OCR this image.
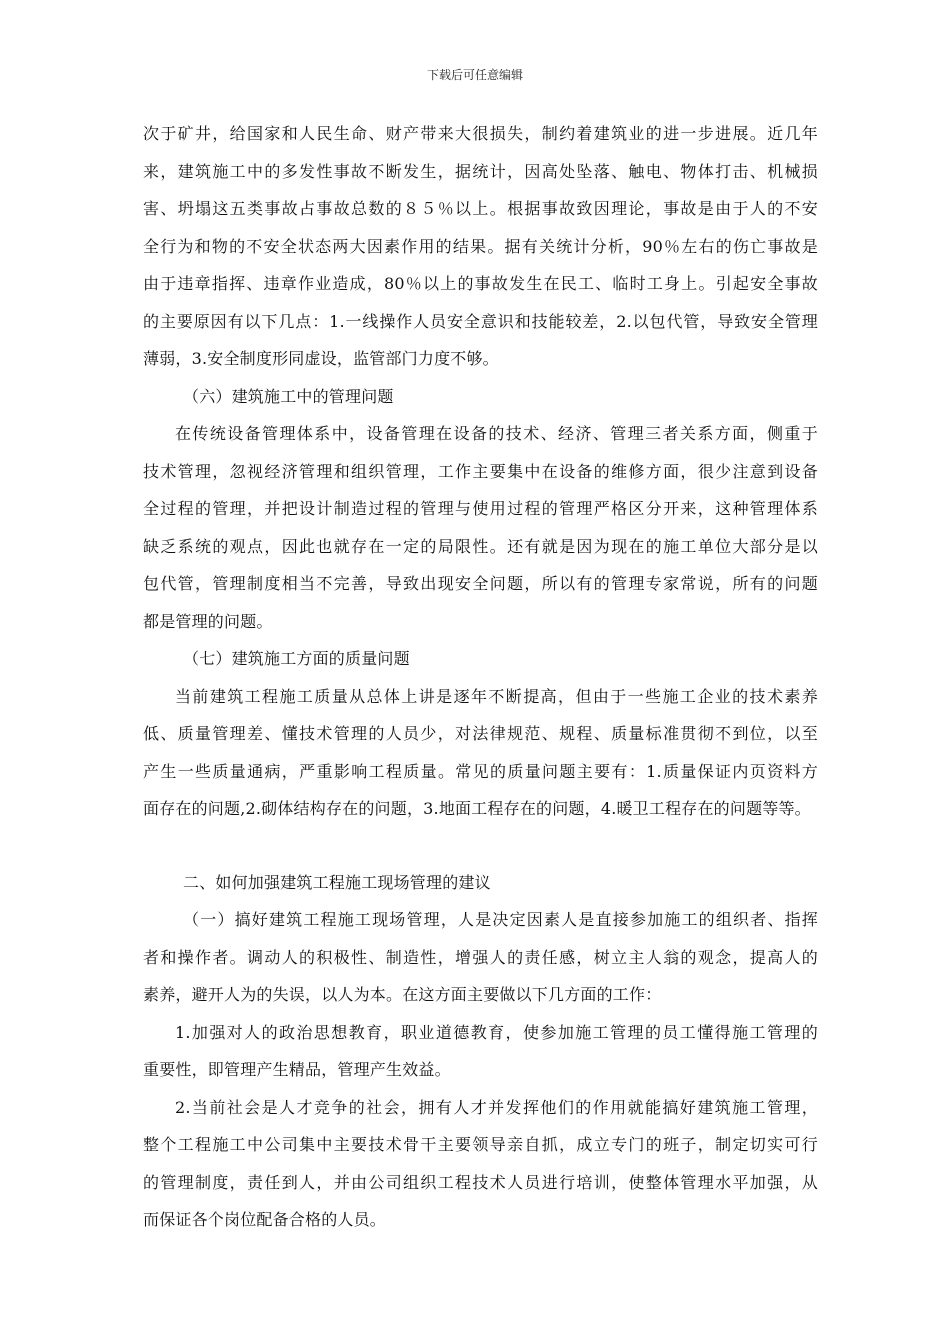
下载后可任意编辑
次于矿井，给国家和人民生命、财产带来大很损失，制约着建筑业的进一步进展。近几年
来，建筑施工中的多发性事故不断发生，据统计，因高处坠落、触电、物体打击、机械损
害、坍塌这五类事故占事故总数的８５％以上。根据事故致因理论，事故是由于人的不安
全行为和物的不安全状态两大因素作用的结果。据有关统计分析，90％左右的伤亡事故是
由于违章指挥、违章作业造成，80％以上的事故发生在民工、临时工身上。引起安全事故
的主要原因有以下几点：1.一线操作人员安全意识和技能较差，2.以包代管，导致安全管理
薄弱，3.安全制度形同虚设，监管部门力度不够。
（六）建筑施工中的管理问题
在传统设备管理体系中，设备管理在设备的技术、经济、管理三者关系方面，侧重于
技术管理，忽视经济管理和组织管理，工作主要集中在设备的维修方面，很少注意到设备
全过程的管理，并把设计制造过程的管理与使用过程的管理严格区分开来，这种管理体系
缺乏系统的观点，因此也就存在一定的局限性。还有就是因为现在的施工单位大部分是以
包代管，管理制度相当不完善，导致出现安全问题，所以有的管理专家常说，所有的问题
都是管理的问题。
（七）建筑施工方面的质量问题
当前建筑工程施工质量从总体上讲是逐年不断提高，但由于一些施工企业的技术素养
低、质量管理差、懂技术管理的人员少，对法律规范、规程、质量标准贯彻不到位，以至
产生一些质量通病，严重影响工程质量。常见的质量问题主要有：1.质量保证内页资料方
面存在的问题,2.砌体结构存在的问题，3.地面工程存在的问题，4.暖卫工程存在的问题等等。
二、如何加强建筑工程施工现场管理的建议
（一）搞好建筑工程施工现场管理，人是决定因素人是直接参加施工的组织者、指挥
者和操作者。调动人的积极性、制造性，增强人的责任感，树立主人翁的观念，提高人的
素养，避开人为的失误，以人为本。在这方面主要做以下几方面的工作：
1.加强对人的政治思想教育，职业道德教育，使参加施工管理的员工懂得施工管理的
重要性，即管理产生精品，管理产生效益。
2.当前社会是人才竞争的社会，拥有人才并发挥他们的作用就能搞好建筑施工管理，
整个工程施工中公司集中主要技术骨干主要领导亲自抓，成立专门的班子，制定切实可行
的管理制度，责任到人，并由公司组织工程技术人员进行培训，使整体管理水平加强，从
而保证各个岗位配备合格的人员。
